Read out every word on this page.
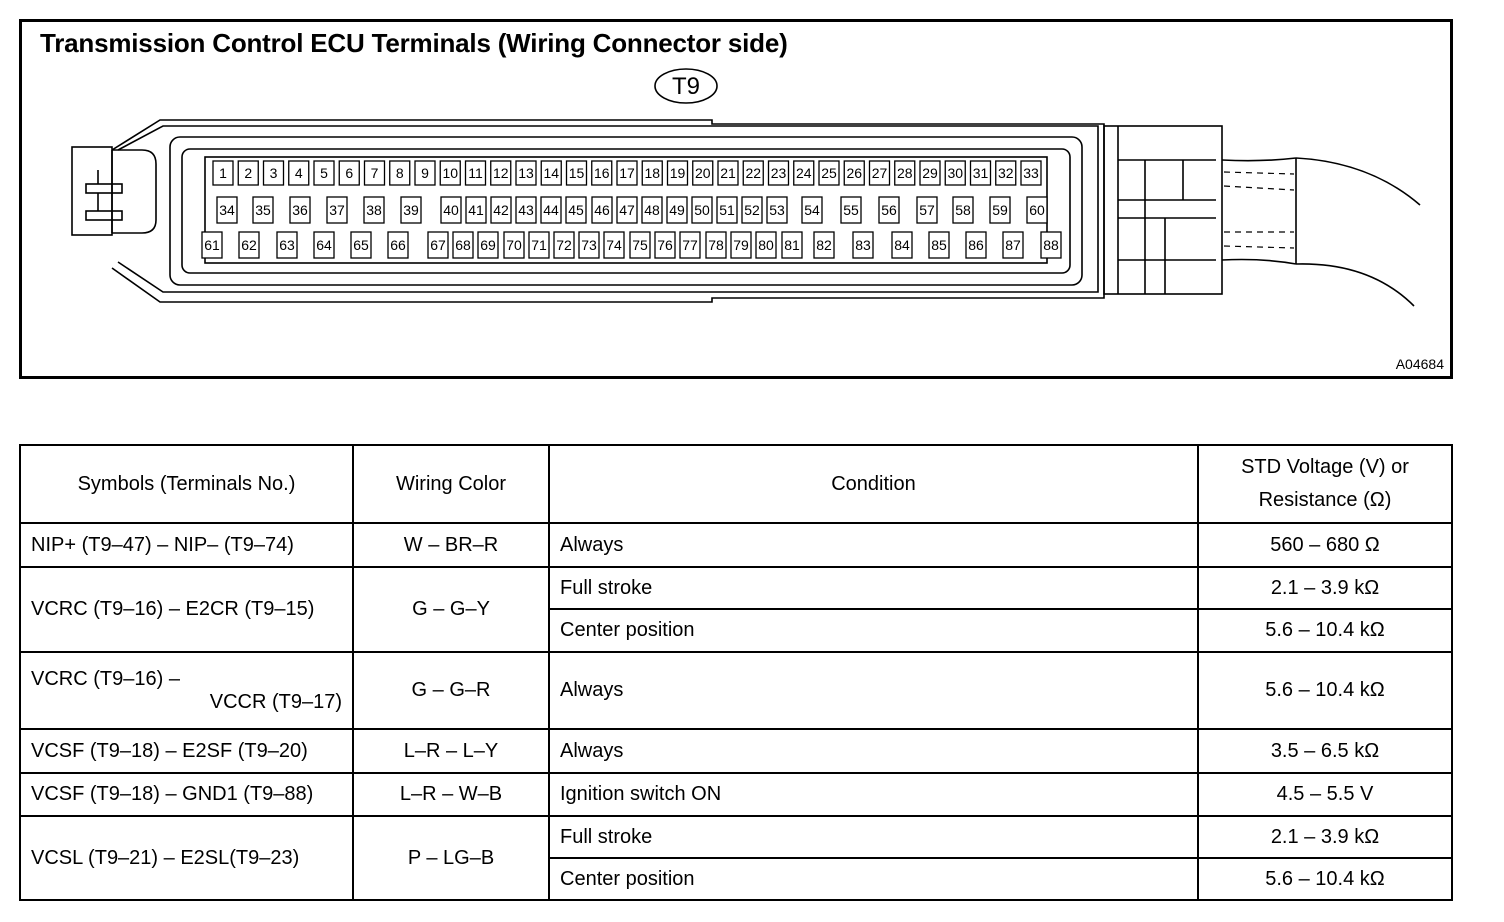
Transmission Control ECU Terminals (Wiring Connector side)
A04684
T9
1 2 3 4 5 6 7 8 9 10 11 12 13 14 15 16 17 18 19 20 21 22 23 24 25 26 27 28 29 30 31 32 33
34 35 36 37 38 39 40 41 42 43 44 45 46 47 48 49 50 51 52 53 54 55 56 57 58 59 60
61 62 63 64 65 66 67 68 69 70 71 72 73 74 75 76 77 78 79 80 81 82 83 84 85 86 87 88
Symbols (Terminals No.)	Wiring Color	Condition	STD Voltage (V) or
Resistance (Ω)
NIP+ (T9–47) – NIP– (T9–74)	W – BR–R	Always	560 – 680 Ω
VCRC (T9–16) – E2CR (T9–15)	G – G–Y	Full stroke	2.1 – 3.9 kΩ
		Center position	5.6 – 10.4 kΩ

VCRC (T9–16) –
VCCR (T9–17)	G – G–R	Always	5.6 – 10.4 kΩ
VCSF (T9–18) – E2SF (T9–20)	L–R – L–Y	Always	3.5 – 6.5 kΩ
VCSF (T9–18) – GND1 (T9–88)	L–R – W–B	Ignition switch ON	4.5 – 5.5 V
VCSL (T9–21) – E2SL(T9–23)	P – LG–B	Full stroke	2.1 – 3.9 kΩ
		Center position	5.6 – 10.4 kΩ
